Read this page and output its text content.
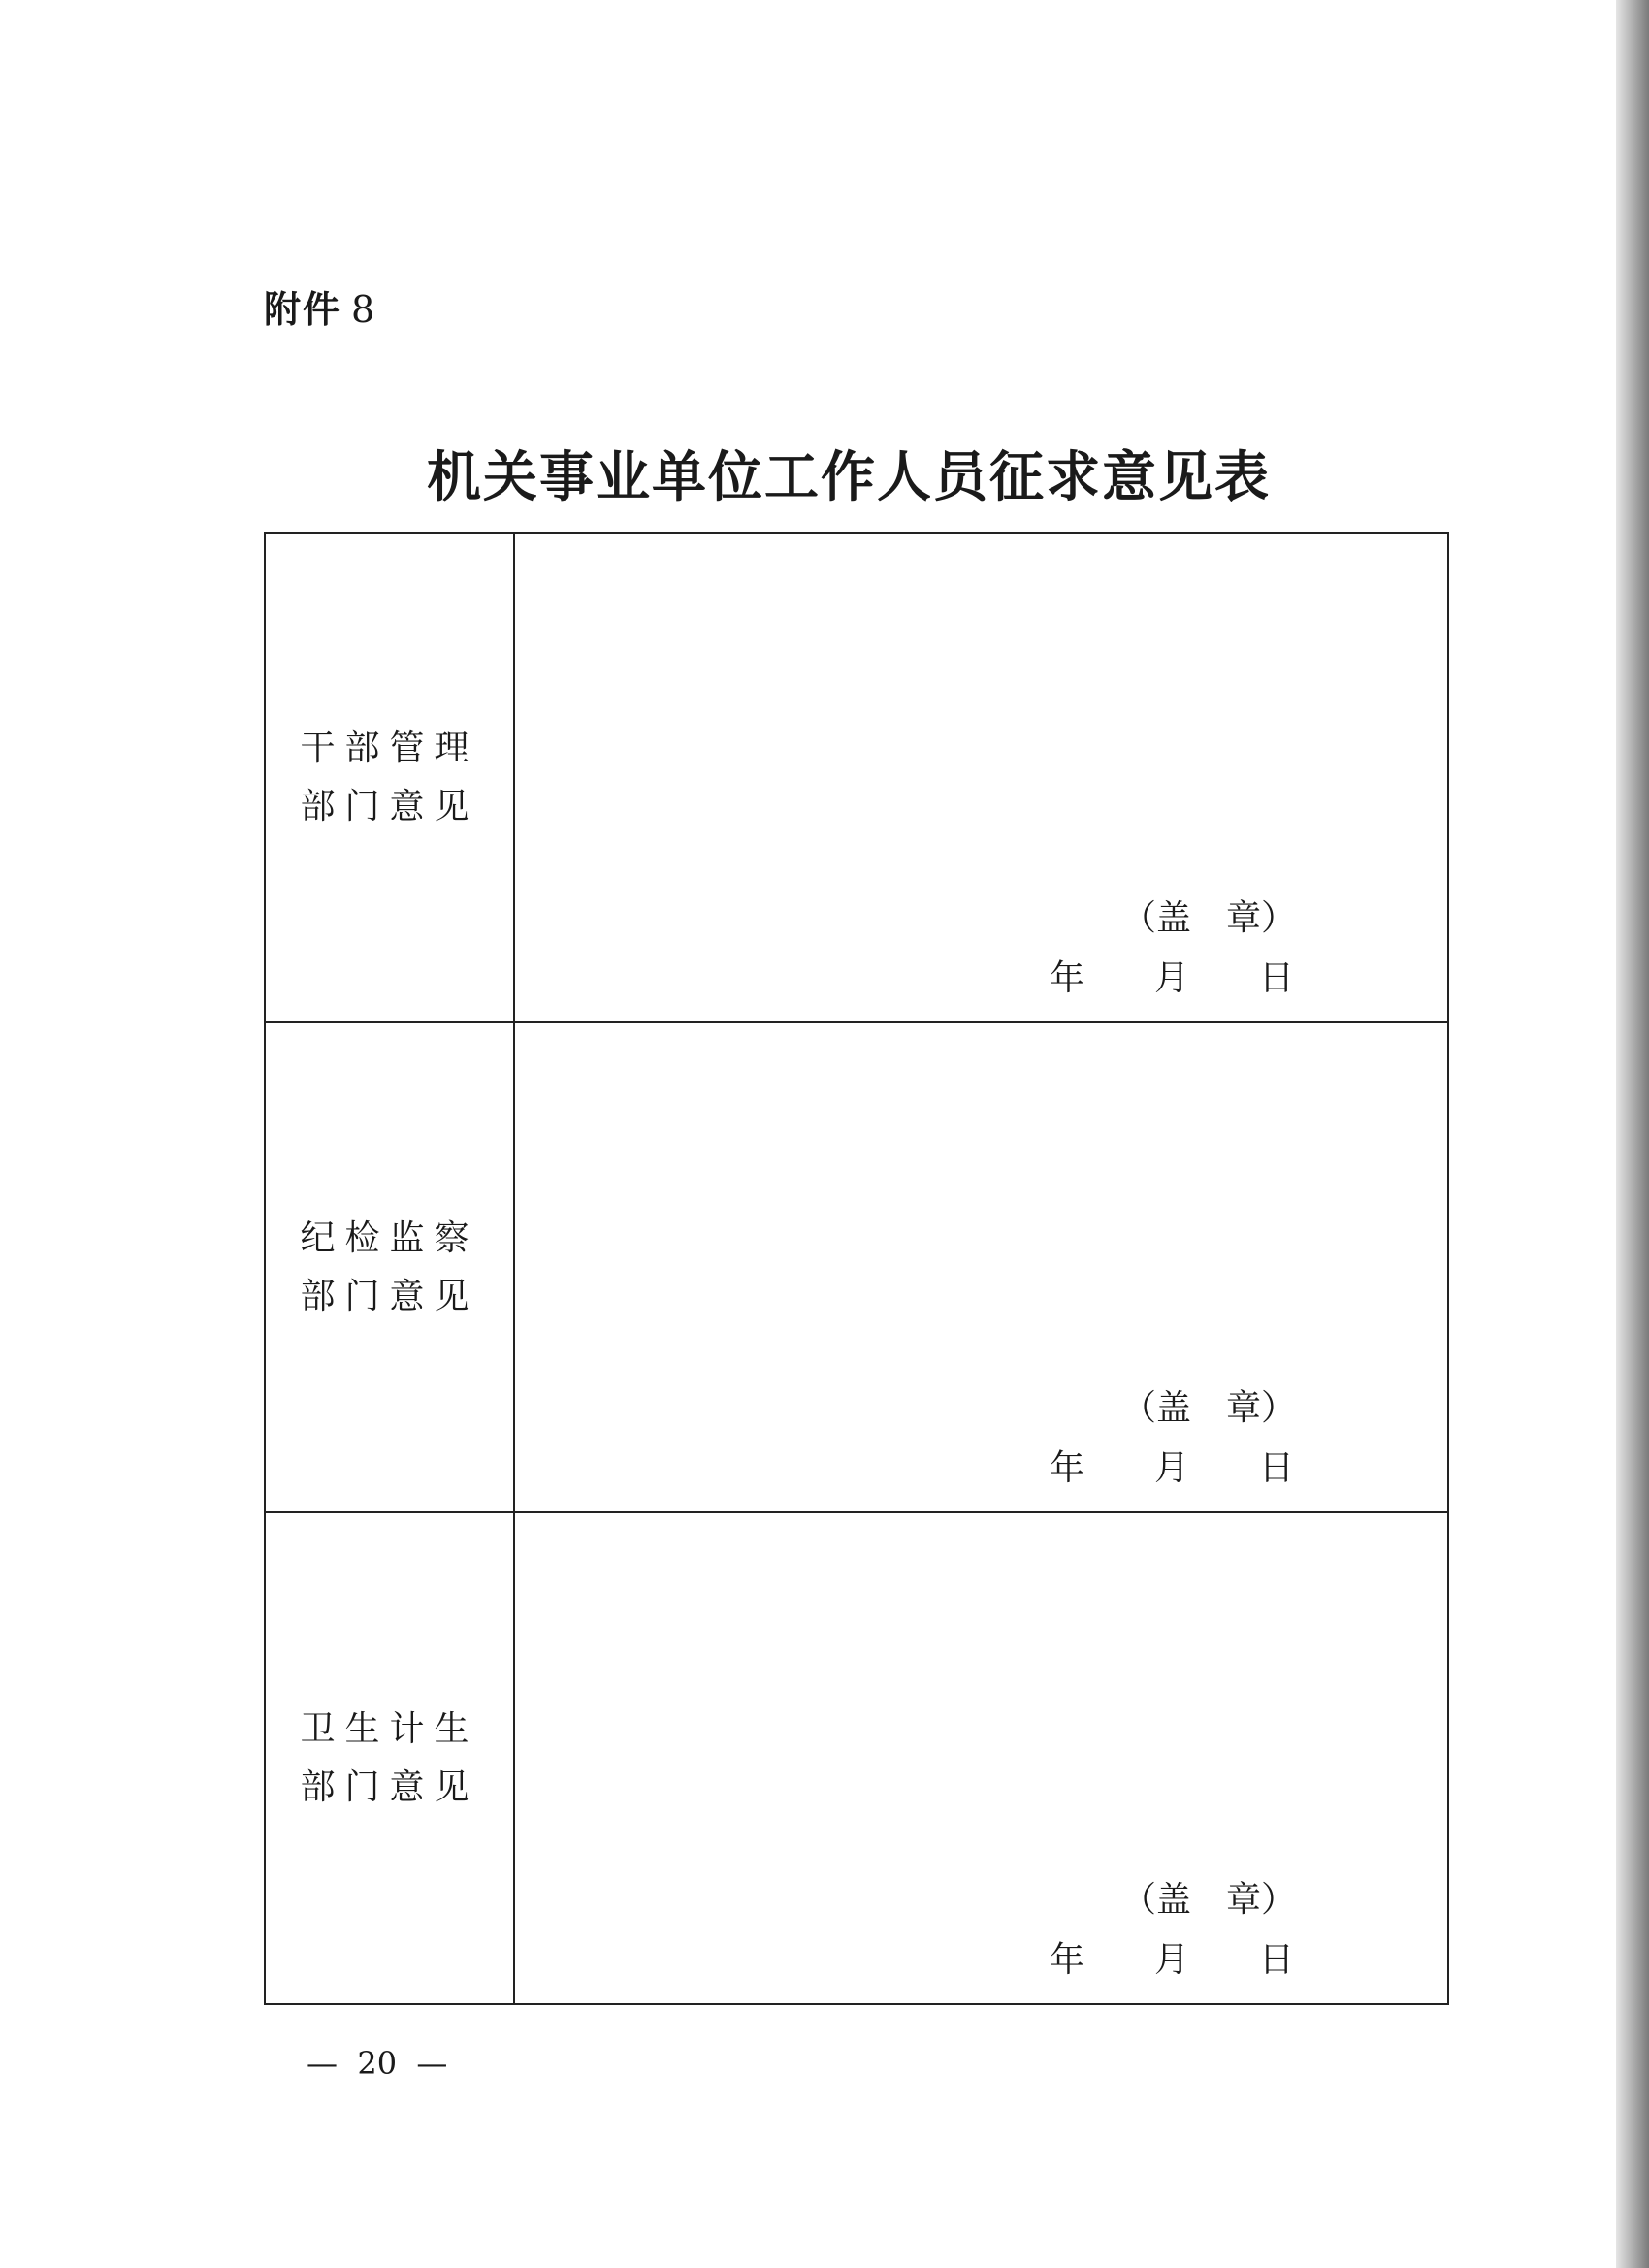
附件 8
机关事业单位工作人员征求意见表
干部管理
部门意见
（盖　章）
年　　月　　日
纪检监察
部门意见
（盖　章）
年　　月　　日
卫生计生
部门意见
（盖　章）
年　　月　　日
—  20  —
